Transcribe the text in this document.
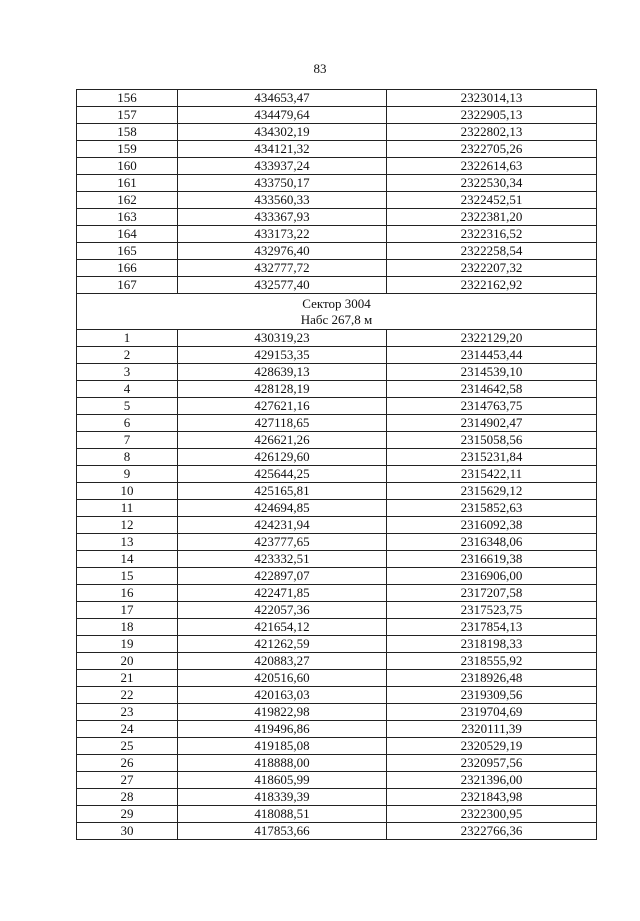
83
156	434653,47	2323014,13
157	434479,64	2322905,13
158	434302,19	2322802,13
159	434121,32	2322705,26
160	433937,24	2322614,63
161	433750,17	2322530,34
162	433560,33	2322452,51
163	433367,93	2322381,20
164	433173,22	2322316,52
165	432976,40	2322258,54
166	432777,72	2322207,32
167	432577,40	2322162,92

Сектор 3004
Набс 267,8 м		

1	430319,23	2322129,20
2	429153,35	2314453,44
3	428639,13	2314539,10
4	428128,19	2314642,58
5	427621,16	2314763,75
6	427118,65	2314902,47
7	426621,26	2315058,56
8	426129,60	2315231,84
9	425644,25	2315422,11
10	425165,81	2315629,12
11	424694,85	2315852,63
12	424231,94	2316092,38
13	423777,65	2316348,06
14	423332,51	2316619,38
15	422897,07	2316906,00
16	422471,85	2317207,58
17	422057,36	2317523,75
18	421654,12	2317854,13
19	421262,59	2318198,33
20	420883,27	2318555,92
21	420516,60	2318926,48
22	420163,03	2319309,56
23	419822,98	2319704,69
24	419496,86	2320111,39
25	419185,08	2320529,19
26	418888,00	2320957,56
27	418605,99	2321396,00
28	418339,39	2321843,98
29	418088,51	2322300,95
30	417853,66	2322766,36
